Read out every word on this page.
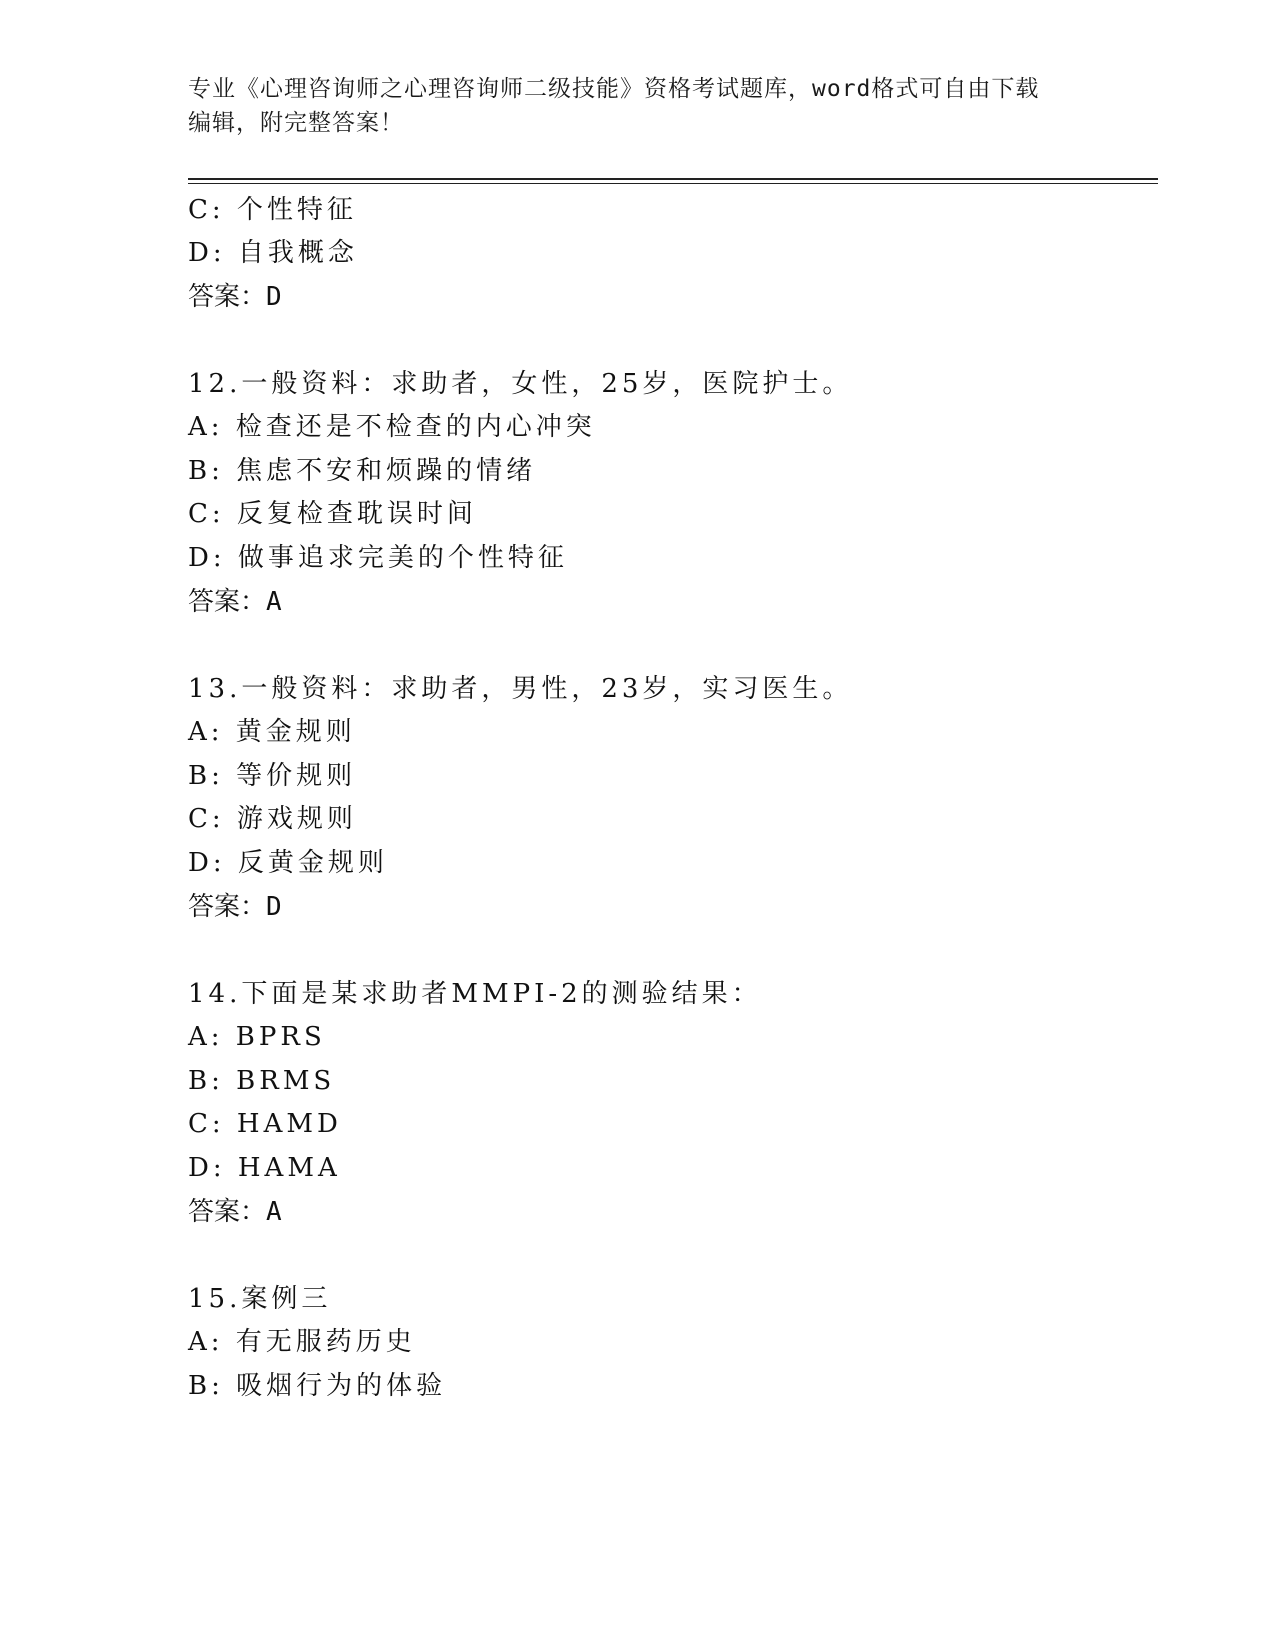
专业《心理咨询师之心理咨询师二级技能》资格考试题库，word格式可自由下载
编辑，附完整答案！
C: 个性特征
D: 自我概念
答案：D
12.一般资料：求助者，女性，25岁，医院护士。
A: 检查还是不检查的内心冲突
B: 焦虑不安和烦躁的情绪
C: 反复检查耽误时间
D: 做事追求完美的个性特征
答案：A
13.一般资料：求助者，男性，23岁，实习医生。
A: 黄金规则
B: 等价规则
C: 游戏规则
D: 反黄金规则
答案：D
14.下面是某求助者MMPI-2的测验结果：
A: BPRS
B: BRMS
C: HAMD
D: HAMA
答案：A
15.案例三
A: 有无服药历史
B: 吸烟行为的体验
